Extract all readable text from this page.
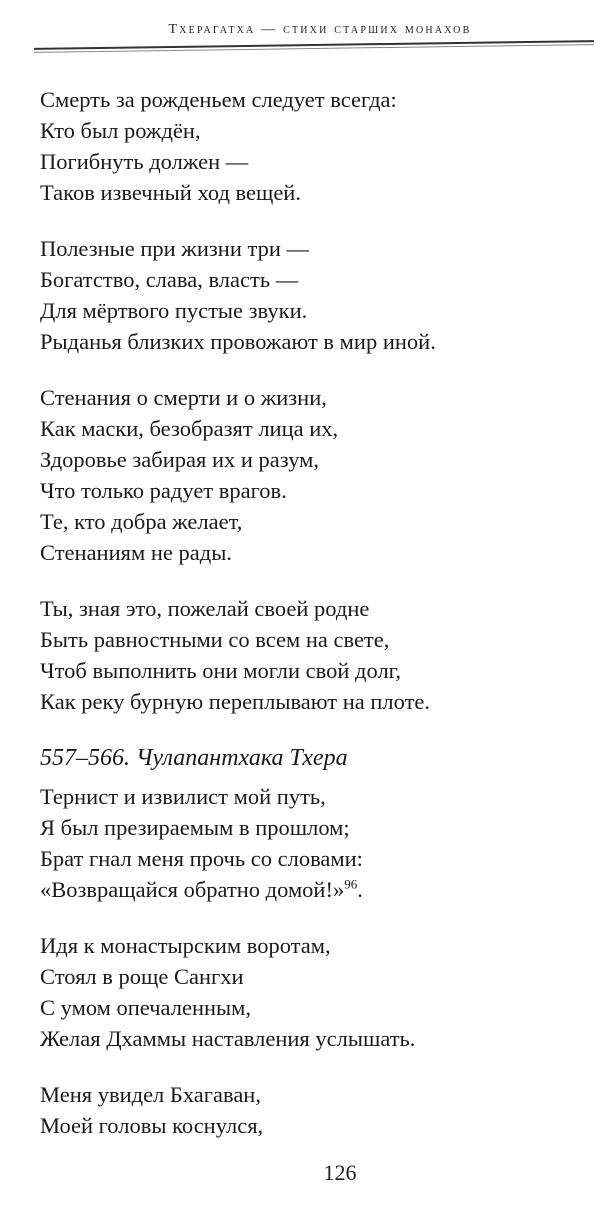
Тхерагатха — стихи старших монахов
Смерть за рожденьем следует всегда:
Кто был рождён,
Погибнуть должен —
Таков извечный ход вещей.
Полезные при жизни три —
Богатство, слава, власть —
Для мёртвого пустые звуки.
Рыданья близких провожают в мир иной.
Стенания о смерти и о жизни,
Как маски, безобразят лица их,
Здоровье забирая их и разум,
Что только радует врагов.
Те, кто добра желает,
Стенаниям не рады.
Ты, зная это, пожелай своей родне
Быть равностными со всем на свете,
Чтоб выполнить они могли свой долг,
Как реку бурную переплывают на плоте.
557–566. Чулапантхака Тхера
Тернист и извилист мой путь,
Я был презираемым в прошлом;
Брат гнал меня прочь со словами:
«Возвращайся обратно домой!»$^{96}$.
Идя к монастырским воротам,
Стоял в роще Сангхи
С умом опечаленным,
Желая Дхаммы наставления услышать.
Меня увидел Бхагаван,
Моей головы коснулся,
126
